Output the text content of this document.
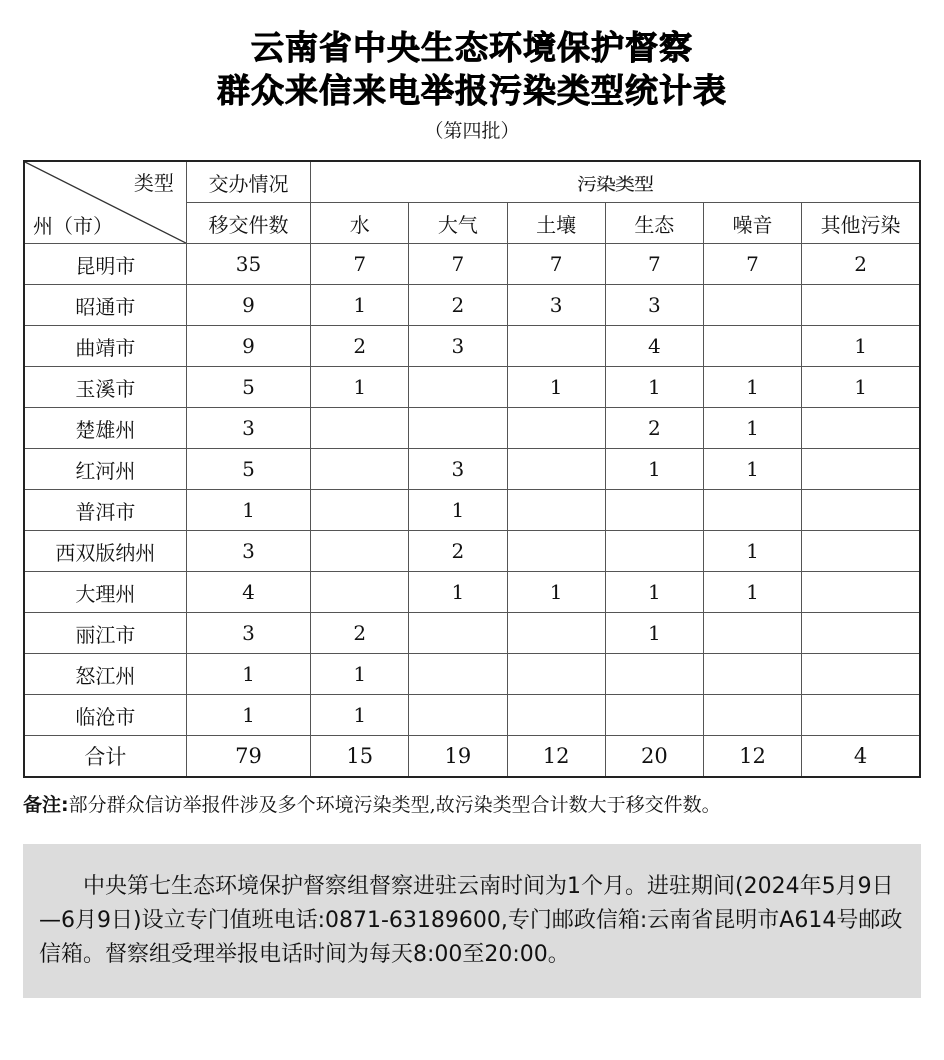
云南省中央生态环境保护督察
群众来信来电举报污染类型统计表
（第四批）
类型
州（市）	交办情况	污染类型					
	移交件数	水	大气	土壤	生态	噪音	其他污染
昆明市	35	7	7	7	7	7	2
昭通市	9	1	2	3	3		
曲靖市	9	2	3		4		1
玉溪市	5	1		1	1	1	1
楚雄州	3				2	1	
红河州	5		3		1	1	
普洱市	1		1				
西双版纳州	3		2			1	
大理州	4		1	1	1	1	
丽江市	3	2			1		
怒江州	1	1					
临沧市	1	1					
合计	79	15	19	12	20	12	4
备注:部分群众信访举报件涉及多个环境污染类型,故污染类型合计数大于移交件数。

中央第七生态环境保护督察组督察进驻云南时间为1个月。进驻期间(2024年5月9日—6月9日)设立专门值班电话:0871-63189600,专门邮政信箱:云南省昆明市A614号邮政信箱。督察组受理举报电话时间为每天8:00至20:00。
